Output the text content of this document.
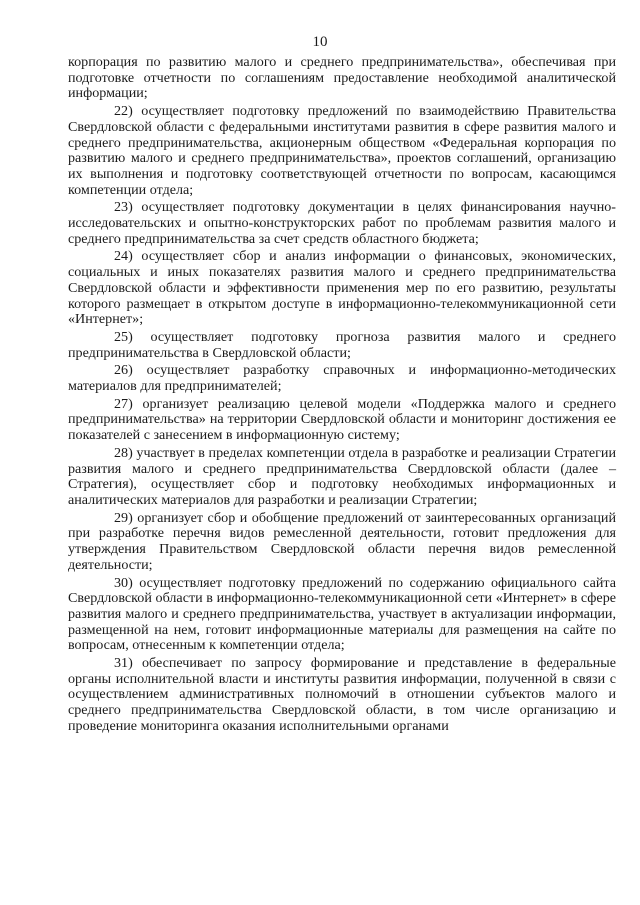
10

корпорация по развитию малого и среднего предпринимательства», обеспечивая при подготовке отчетности по соглашениям предоставление необходимой аналитической информации;

22) осуществляет подготовку предложений по взаимодействию Правительства Свердловской области с федеральными институтами развития в сфере развития малого и среднего предпринимательства, акционерным обществом «Федеральная корпорация по развитию малого и среднего предпринимательства», проектов соглашений, организацию их выполнения и подготовку соответствующей отчетности по вопросам, касающимся компетенции отдела;

23) осуществляет подготовку документации в целях финансирования научно-исследовательских и опытно-конструкторских работ по проблемам развития малого и среднего предпринимательства за счет средств областного бюджета;

24) осуществляет сбор и анализ информации о финансовых, экономических, социальных и иных показателях развития малого и среднего предпринимательства Свердловской области и эффективности применения мер по его развитию, результаты которого размещает в открытом доступе в информационно-телекоммуникационной сети «Интернет»;

25) осуществляет подготовку прогноза развития малого и среднего предпринимательства в Свердловской области;

26) осуществляет разработку справочных и информационно-методических материалов для предпринимателей;

27) организует реализацию целевой модели «Поддержка малого и среднего предпринимательства» на территории Свердловской области и мониторинг достижения ее показателей с занесением в информационную систему;

28) участвует в пределах компетенции отдела в разработке и реализации Стратегии развития малого и среднего предпринимательства Свердловской области (далее – Стратегия), осуществляет сбор и подготовку необходимых информационных и аналитических материалов для разработки и реализации Стратегии;

29) организует сбор и обобщение предложений от заинтересованных организаций при разработке перечня видов ремесленной деятельности, готовит предложения для утверждения Правительством Свердловской области перечня видов ремесленной деятельности;

30) осуществляет подготовку предложений по содержанию официального сайта Свердловской области в информационно-телекоммуникационной сети «Интернет» в сфере развития малого и среднего предпринимательства, участвует в актуализации информации, размещенной на нем, готовит информационные материалы для размещения на сайте по вопросам, отнесенным к компетенции отдела;

31) обеспечивает по запросу формирование и представление в федеральные органы исполнительной власти и институты развития информации, полученной в связи с осуществлением административных полномочий в отношении субъектов малого и среднего предпринимательства Свердловской области, в том числе организацию и проведение мониторинга оказания исполнительными органами
